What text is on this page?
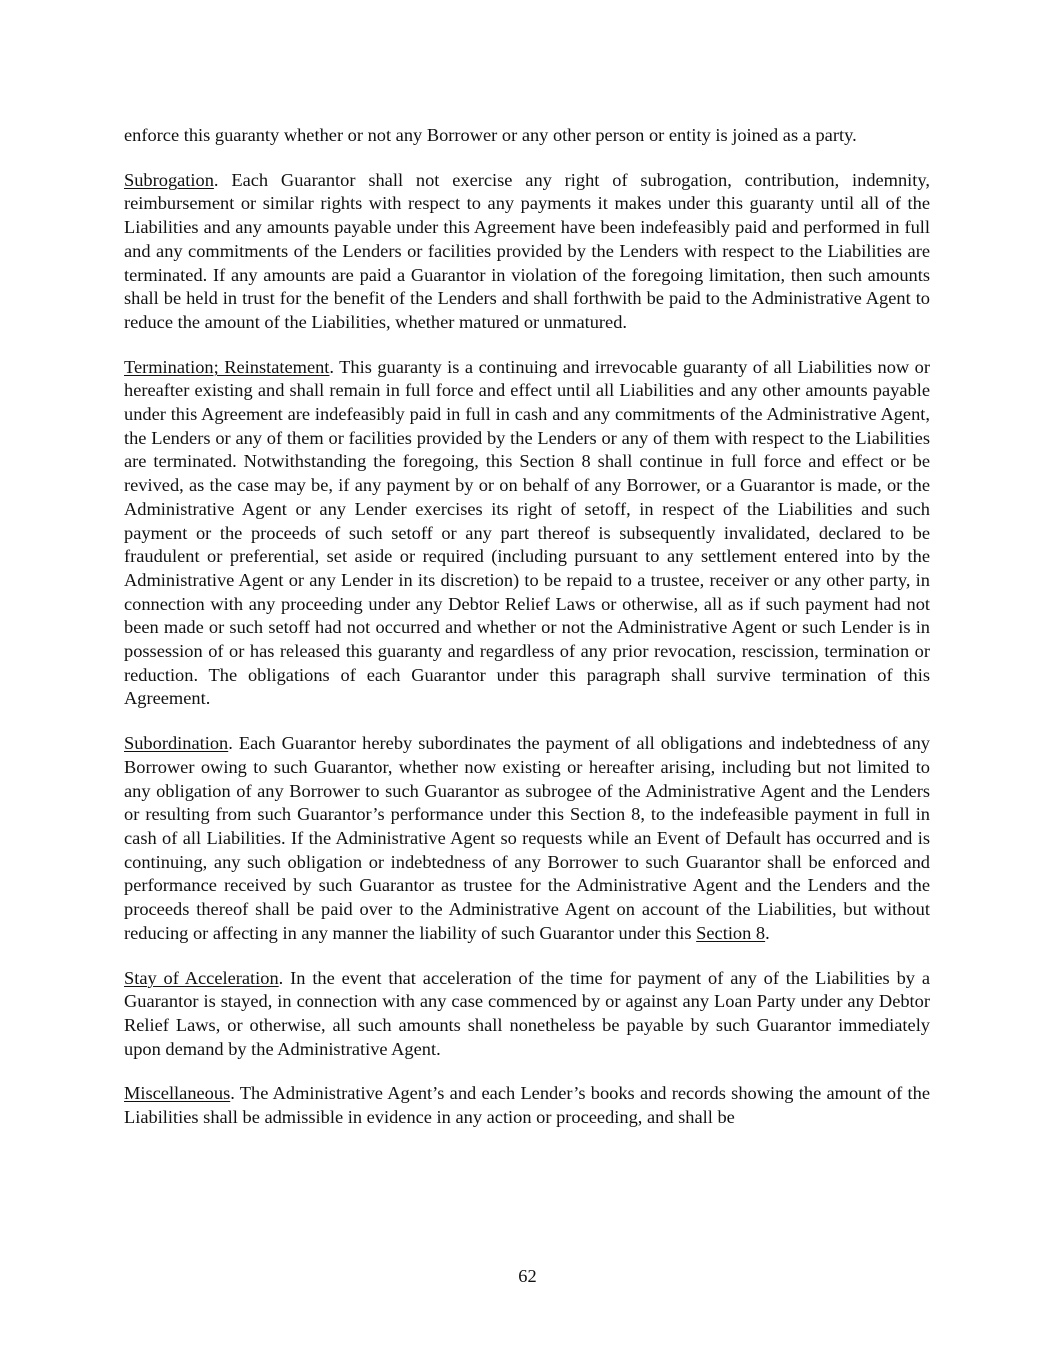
enforce this guaranty whether or not any Borrower or any other person or entity is joined as a party.

Subrogation. Each Guarantor shall not exercise any right of subrogation, contribution, indemnity, reimbursement or similar rights with respect to any payments it makes under this guaranty until all of the Liabilities and any amounts payable under this Agreement have been indefeasibly paid and performed in full and any commitments of the Lenders or facilities provided by the Lenders with respect to the Liabilities are terminated. If any amounts are paid a Guarantor in violation of the foregoing limitation, then such amounts shall be held in trust for the benefit of the Lenders and shall forthwith be paid to the Administrative Agent to reduce the amount of the Liabilities, whether matured or unmatured.

Termination; Reinstatement. This guaranty is a continuing and irrevocable guaranty of all Liabilities now or hereafter existing and shall remain in full force and effect until all Liabilities and any other amounts payable under this Agreement are indefeasibly paid in full in cash and any commitments of the Administrative Agent, the Lenders or any of them or facilities provided by the Lenders or any of them with respect to the Liabilities are terminated. Notwithstanding the foregoing, this Section 8 shall continue in full force and effect or be revived, as the case may be, if any payment by or on behalf of any Borrower, or a Guarantor is made, or the Administrative Agent or any Lender exercises its right of setoff, in respect of the Liabilities and such payment or the proceeds of such setoff or any part thereof is subsequently invalidated, declared to be fraudulent or preferential, set aside or required (including pursuant to any settlement entered into by the Administrative Agent or any Lender in its discretion) to be repaid to a trustee, receiver or any other party, in connection with any proceeding under any Debtor Relief Laws or otherwise, all as if such payment had not been made or such setoff had not occurred and whether or not the Administrative Agent or such Lender is in possession of or has released this guaranty and regardless of any prior revocation, rescission, termination or reduction. The obligations of each Guarantor under this paragraph shall survive termination of this Agreement.

Subordination. Each Guarantor hereby subordinates the payment of all obligations and indebtedness of any Borrower owing to such Guarantor, whether now existing or hereafter arising, including but not limited to any obligation of any Borrower to such Guarantor as subrogee of the Administrative Agent and the Lenders or resulting from such Guarantor’s performance under this Section 8, to the indefeasible payment in full in cash of all Liabilities. If the Administrative Agent so requests while an Event of Default has occurred and is continuing, any such obligation or indebtedness of any Borrower to such Guarantor shall be enforced and performance received by such Guarantor as trustee for the Administrative Agent and the Lenders and the proceeds thereof shall be paid over to the Administrative Agent on account of the Liabilities, but without reducing or affecting in any manner the liability of such Guarantor under this Section 8.

Stay of Acceleration. In the event that acceleration of the time for payment of any of the Liabilities by a Guarantor is stayed, in connection with any case commenced by or against any Loan Party under any Debtor Relief Laws, or otherwise, all such amounts shall nonetheless be payable by such Guarantor immediately upon demand by the Administrative Agent.

Miscellaneous. The Administrative Agent’s and each Lender’s books and records showing the amount of the Liabilities shall be admissible in evidence in any action or proceeding, and shall be

62
